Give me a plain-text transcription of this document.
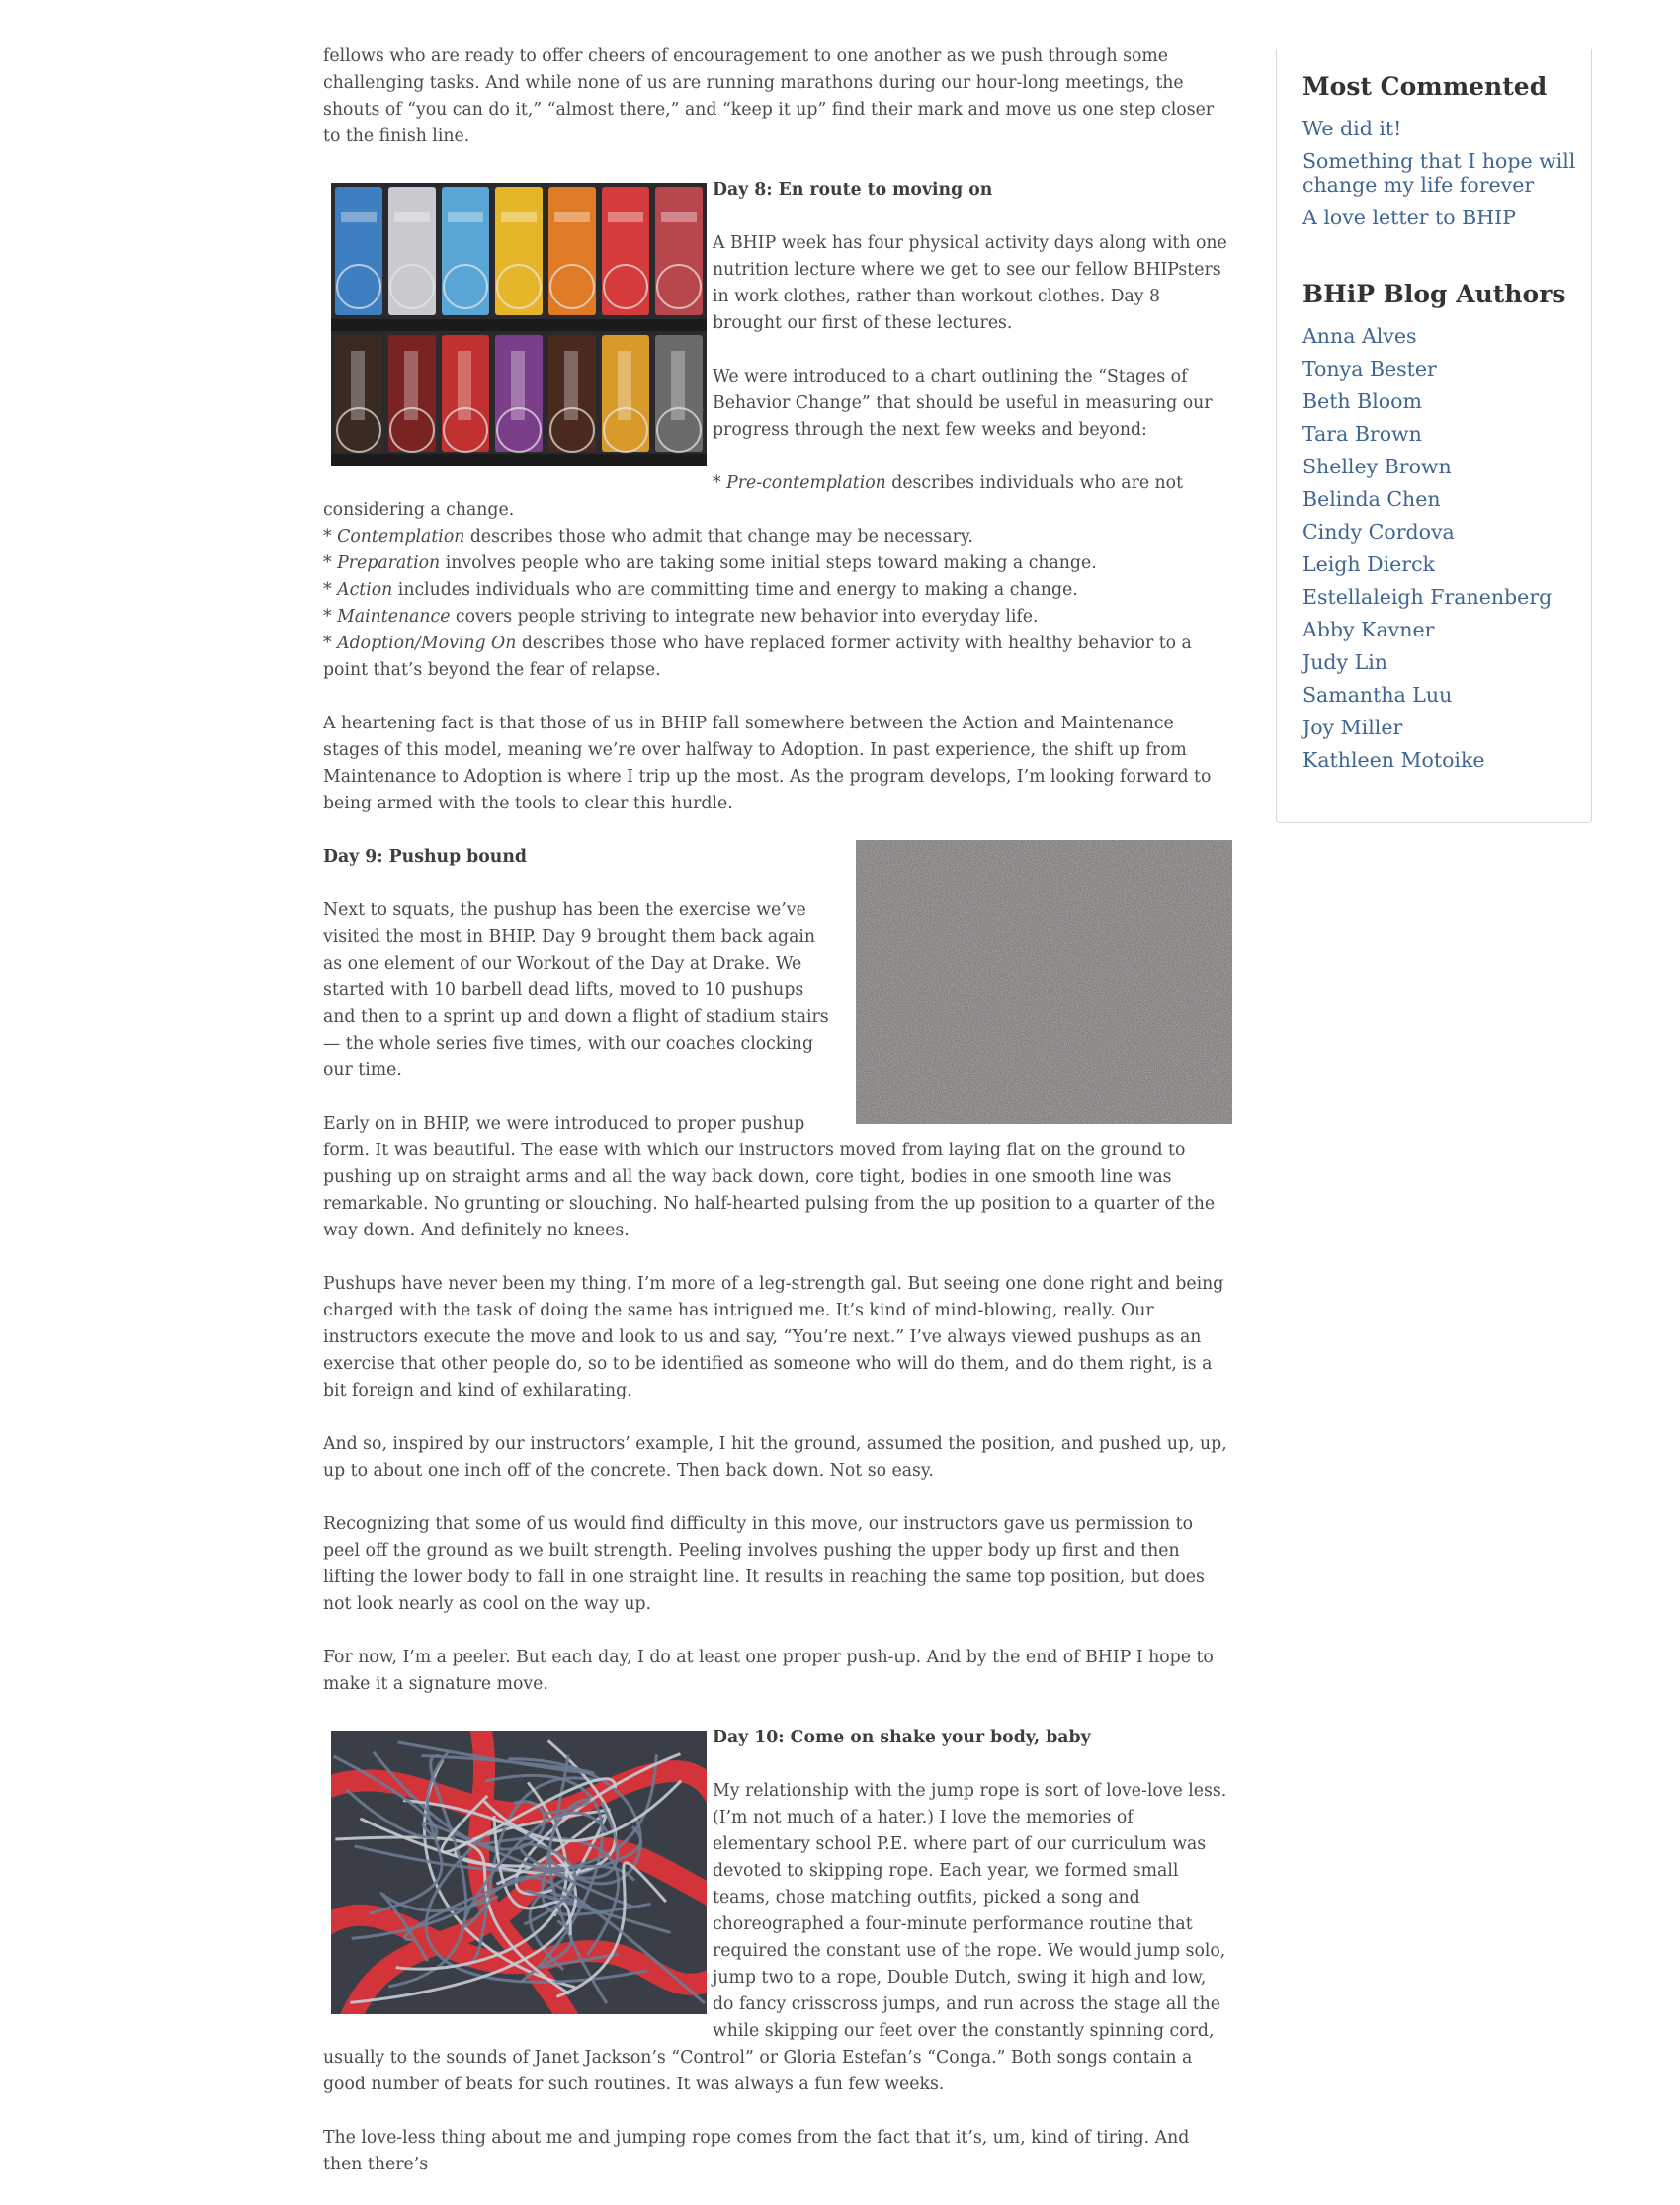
fellows who are ready to offer cheers of encouragement to one another as we push through some challenging tasks. And while none of us are running marathons during our hour-long meetings, the shouts of “you can do it,” “almost there,” and “keep it up” find their mark and move us one step closer to the finish line.

Day 8: En route to moving on

A BHIP week has four physical activity days along with one nutrition lecture where we get to see our fellow BHIPsters in work clothes, rather than workout clothes. Day 8 brought our first of these lectures.

We were introduced to a chart outlining the “Stages of Behavior Change” that should be useful in measuring our progress through the next few weeks and beyond:

* Pre-contemplation describes individuals who are not considering a change.
* Contemplation describes those who admit that change may be necessary.
* Preparation involves people who are taking some initial steps toward making a change.
* Action includes individuals who are committing time and energy to making a change.
* Maintenance covers people striving to integrate new behavior into everyday life.
* Adoption/Moving On describes those who have replaced former activity with healthy behavior to a point that’s beyond the fear of relapse.

A heartening fact is that those of us in BHIP fall somewhere between the Action and Maintenance stages of this model, meaning we’re over halfway to Adoption. In past experience, the shift up from Maintenance to Adoption is where I trip up the most. As the program develops, I’m looking forward to being armed with the tools to clear this hurdle.

Day 9: Pushup bound

Next to squats, the pushup has been the exercise we’ve visited the most in BHIP. Day 9 brought them back again as one element of our Workout of the Day at Drake. We started with 10 barbell dead lifts, moved to 10 pushups and then to a sprint up and down a flight of stadium stairs — the whole series five times, with our coaches clocking our time.

Early on in BHIP, we were introduced to proper pushup form. It was beautiful. The ease with which our instructors moved from laying flat on the ground to pushing up on straight arms and all the way back down, core tight, bodies in one smooth line was remarkable. No grunting or slouching. No half-hearted pulsing from the up position to a quarter of the way down. And definitely no knees.

Pushups have never been my thing. I’m more of a leg-strength gal. But seeing one done right and being charged with the task of doing the same has intrigued me. It’s kind of mind-blowing, really. Our instructors execute the move and look to us and say, “You’re next.” I’ve always viewed pushups as an exercise that other people do, so to be identified as someone who will do them, and do them right, is a bit foreign and kind of exhilarating.

And so, inspired by our instructors’ example, I hit the ground, assumed the position, and pushed up, up, up to about one inch off of the concrete. Then back down. Not so easy.

Recognizing that some of us would find difficulty in this move, our instructors gave us permission to peel off the ground as we built strength. Peeling involves pushing the upper body up first and then lifting the lower body to fall in one straight line. It results in reaching the same top position, but does not look nearly as cool on the way up.

For now, I’m a peeler. But each day, I do at least one proper push-up. And by the end of BHIP I hope to make it a signature move.

Day 10: Come on shake your body, baby

My relationship with the jump rope is sort of love-love less. (I’m not much of a hater.) I love the memories of elementary school P.E. where part of our curriculum was devoted to skipping rope. Each year, we formed small teams, chose matching outfits, picked a song and choreographed a four-minute performance routine that required the constant use of the rope. We would jump solo, jump two to a rope, Double Dutch, swing it high and low, do fancy crisscross jumps, and run across the stage all the while skipping our feet over the constantly spinning cord, usually to the sounds of Janet Jackson’s “Control” or Gloria Estefan’s “Conga.” Both songs contain a good number of beats for such routines. It was always a fun few weeks.

The love-less thing about me and jumping rope comes from the fact that it’s, um, kind of tiring. And then there’s

Most Commented
We did it!
Something that I hope will change my life forever
A love letter to BHIP
BHiP Blog Authors
Anna Alves
Tonya Bester
Beth Bloom
Tara Brown
Shelley Brown
Belinda Chen
Cindy Cordova
Leigh Dierck
Estellaleigh Franenberg
Abby Kavner
Judy Lin
Samantha Luu
Joy Miller
Kathleen Motoike
